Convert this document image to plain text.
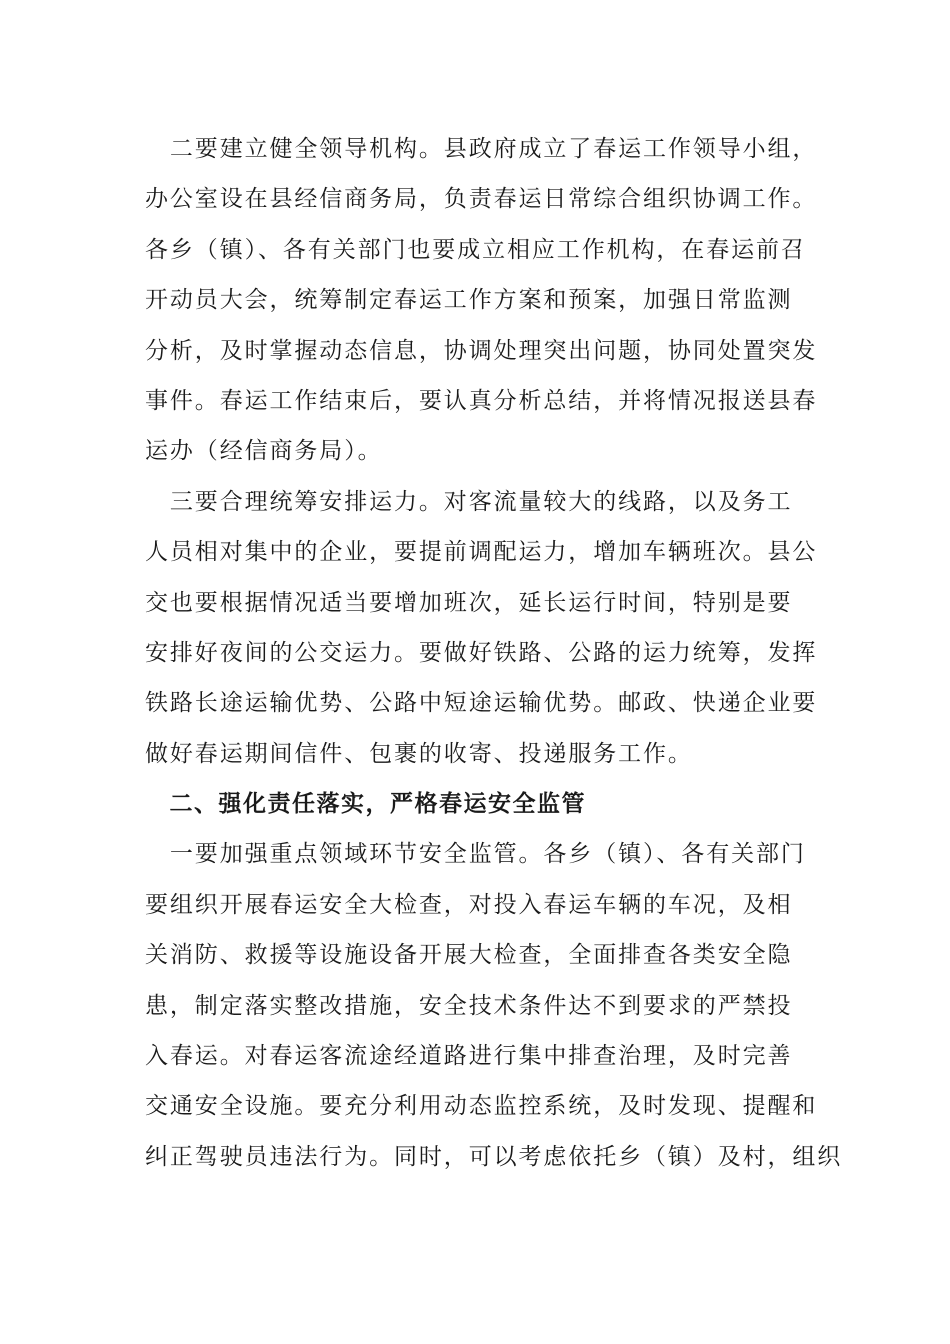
　二要建立健全领导机构。县政府成立了春运工作领导小组，
办公室设在县经信商务局，负责春运日常综合组织协调工作。
各乡（镇）、各有关部门也要成立相应工作机构，在春运前召
开动员大会，统筹制定春运工作方案和预案，加强日常监测
分析，及时掌握动态信息，协调处理突出问题，协同处置突发
事件。春运工作结束后，要认真分析总结，并将情况报送县春
运办（经信商务局）。
　三要合理统筹安排运力。对客流量较大的线路，以及务工
人员相对集中的企业，要提前调配运力，增加车辆班次。县公
交也要根据情况适当要增加班次，延长运行时间，特别是要
安排好夜间的公交运力。要做好铁路、公路的运力统筹，发挥
铁路长途运输优势、公路中短途运输优势。邮政、快递企业要
做好春运期间信件、包裹的收寄、投递服务工作。
　二、强化责任落实，严格春运安全监管
　一要加强重点领域环节安全监管。各乡（镇）、各有关部门
要组织开展春运安全大检查，对投入春运车辆的车况，及相
关消防、救援等设施设备开展大检查，全面排查各类安全隐
患，制定落实整改措施，安全技术条件达不到要求的严禁投
入春运。对春运客流途经道路进行集中排查治理，及时完善
交通安全设施。要充分利用动态监控系统，及时发现、提醒和
纠正驾驶员违法行为。同时，可以考虑依托乡（镇）及村，组织
